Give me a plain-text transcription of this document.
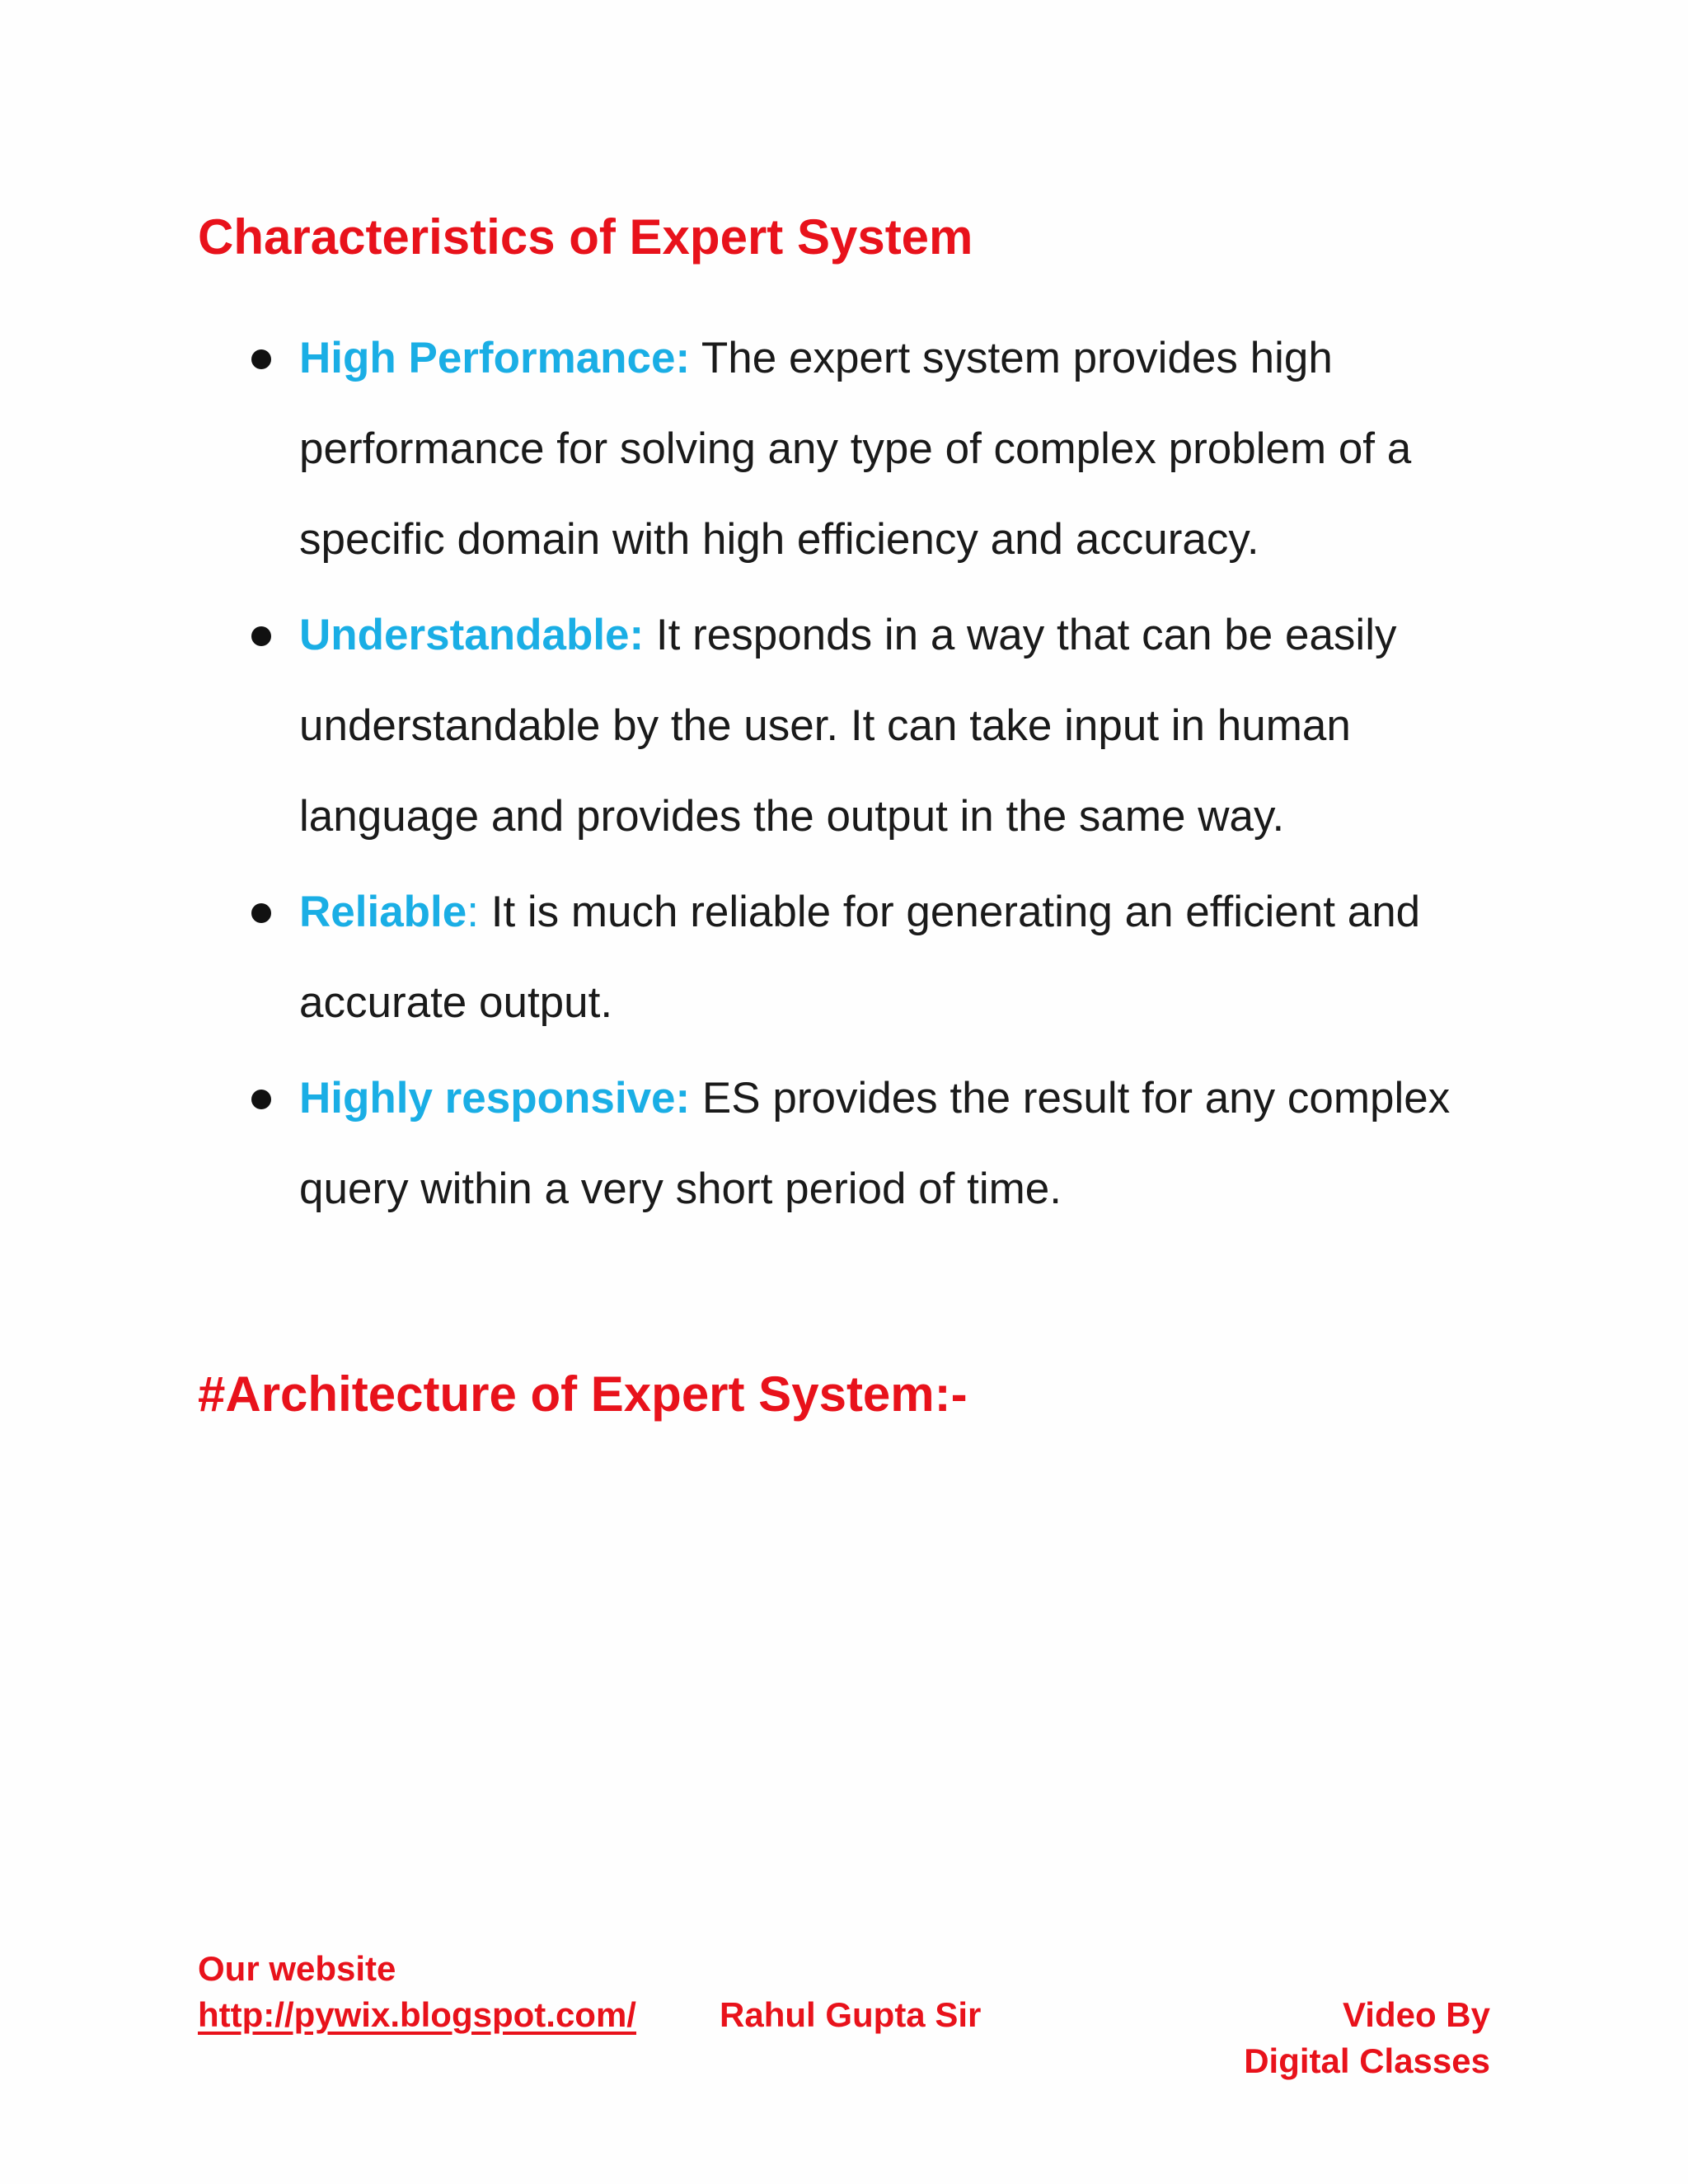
Characteristics of Expert System
High Performance: The expert system provides high performance for solving any type of complex problem of a specific domain with high efficiency and accuracy.
Understandable: It responds in a way that can be easily understandable by the user. It can take input in human language and provides the output in the same way.
Reliable: It is much reliable for generating an efficient and accurate output.
Highly responsive: ES provides the result for any complex query within a very short period of time.
#Architecture of Expert System:-
Our website
http://pywix.blogspot.com/ Rahul Gupta Sir	Video By
Digital Classes
